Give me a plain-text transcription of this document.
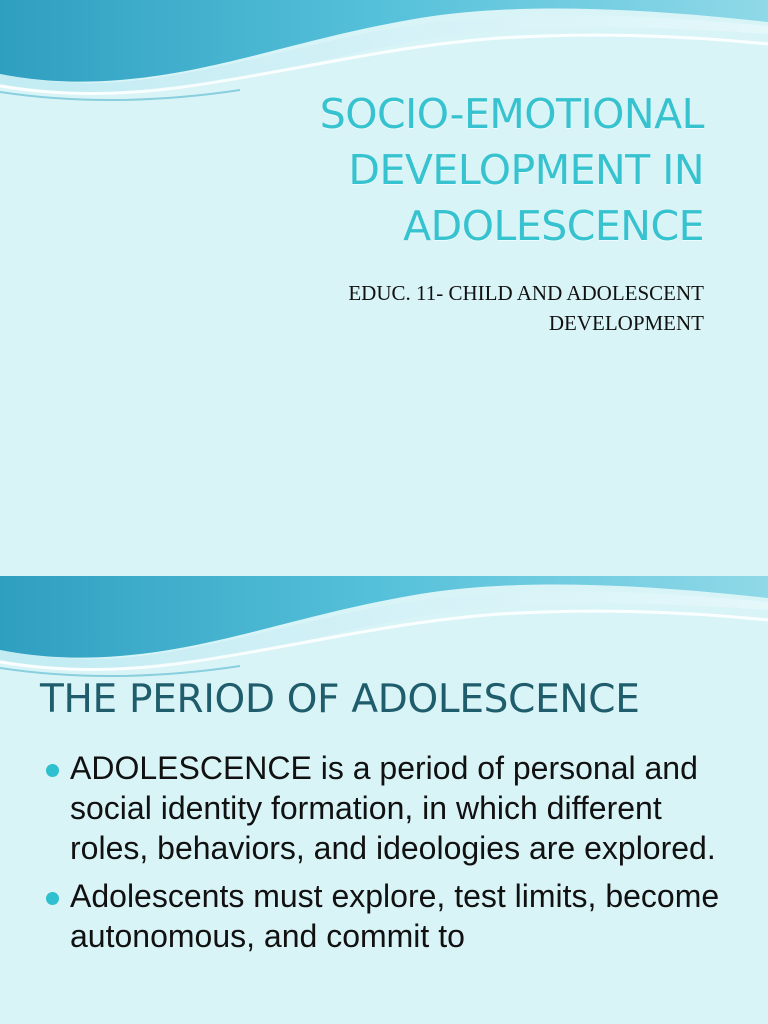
SOCIO-EMOTIONAL
DEVELOPMENT IN
ADOLESCENCE
EDUC. 11- CHILD AND ADOLESCENT
DEVELOPMENT
THE PERIOD OF ADOLESCENCE
ADOLESCENCE is a period of personal and social identity formation, in which different roles, behaviors, and ideologies are explored.
Adolescents must explore, test limits, become autonomous, and commit to
